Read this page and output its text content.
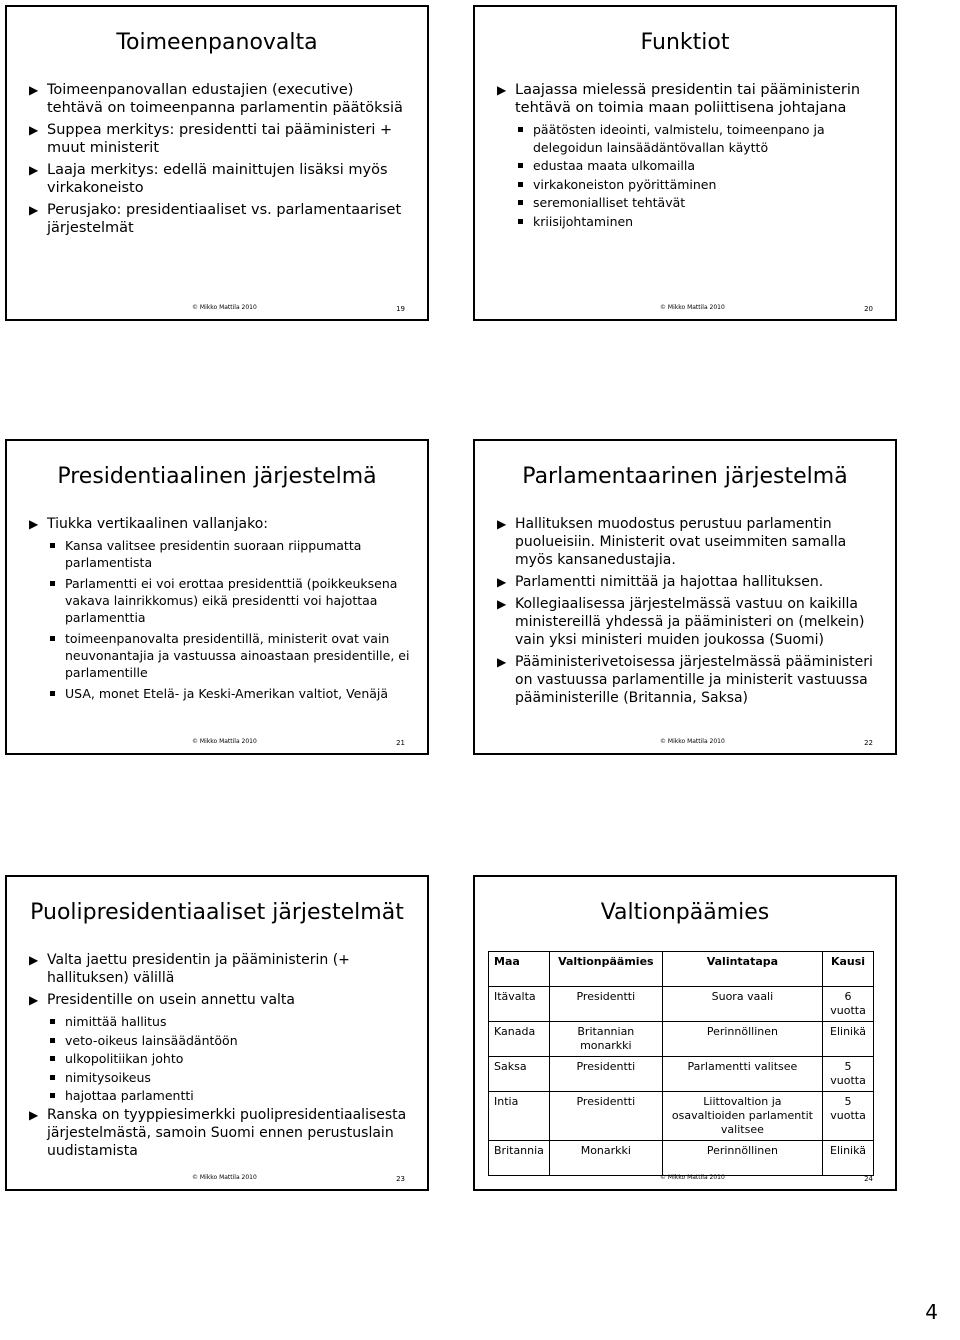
Toimeenpanovalta
▶ Toimeenpanovallan edustajien (executive) tehtävä on toimeenpanna parlamentin päätöksiä
▶ Suppea merkitys: presidentti tai pääministeri + muut ministerit
▶ Laaja merkitys: edellä mainittujen lisäksi myös virkakoneisto
▶ Perusjako: presidentiaaliset vs. parlamentaariset järjestelmät
© Mikko Mattila 2010	19
Funktiot
▶ Laajassa mielessä presidentin tai pääministerin tehtävä on toimia maan poliittisena johtajana
päätösten ideointi, valmistelu, toimeenpano ja delegoidun lainsäädäntövallan käyttö
edustaa maata ulkomailla
virkakoneiston pyörittäminen
seremonialliset tehtävät
kriisijohtaminen
© Mikko Mattila 2010	20
Presidentiaalinen järjestelmä
▶ Tiukka vertikaalinen vallanjako:
Kansa valitsee presidentin suoraan riippumatta parlamentista
Parlamentti ei voi erottaa presidenttiä (poikkeuksena vakava lainrikkomus) eikä presidentti voi hajottaa parlamenttia
toimeenpanovalta presidentillä, ministerit ovat vain neuvonantajia ja vastuussa ainoastaan presidentille, ei parlamentille
USA, monet Etelä- ja Keski-Amerikan valtiot, Venäjä
© Mikko Mattila 2010	21
Parlamentaarinen järjestelmä
▶ Hallituksen muodostus perustuu parlamentin puolueisiin. Ministerit ovat useimmiten samalla myös kansanedustajia.
▶ Parlamentti nimittää ja hajottaa hallituksen.
▶ Kollegiaalisessa järjestelmässä vastuu on kaikilla ministereillä yhdessä ja pääministeri on (melkein) vain yksi ministeri muiden joukossa (Suomi)
▶ Pääministerivetoisessa järjestelmässä pääministeri on vastuussa parlamentille ja ministerit vastuussa pääministerille (Britannia, Saksa)
© Mikko Mattila 2010	22
Puolipresidentiaaliset järjestelmät
▶ Valta jaettu presidentin ja pääministerin (+ hallituksen) välillä
▶ Presidentille on usein annettu valta
nimittää hallitus
veto-oikeus lainsäädäntöön
ulkopolitiikan johto
nimitysoikeus
hajottaa parlamentti
▶ Ranska on tyyppiesimerkki puolipresidentiaalisesta järjestelmästä, samoin Suomi ennen perustuslain uudistamista
© Mikko Mattila 2010	23
Valtionpäämies
Maa	Valtionpäämies	Valintatapa	Kausi
Itävalta	Presidentti	Suora vaali	6 vuotta
Kanada	Britannian monarkki	Perinnöllinen	Elinikä
Saksa	Presidentti	Parlamentti valitsee	5 vuotta
Intia	Presidentti	Liittovaltion ja osavaltioiden parlamentit valitsee	5 vuotta
Britannia	Monarkki	Perinnöllinen	Elinikä
© Mikko Mattila 2010	24
4
